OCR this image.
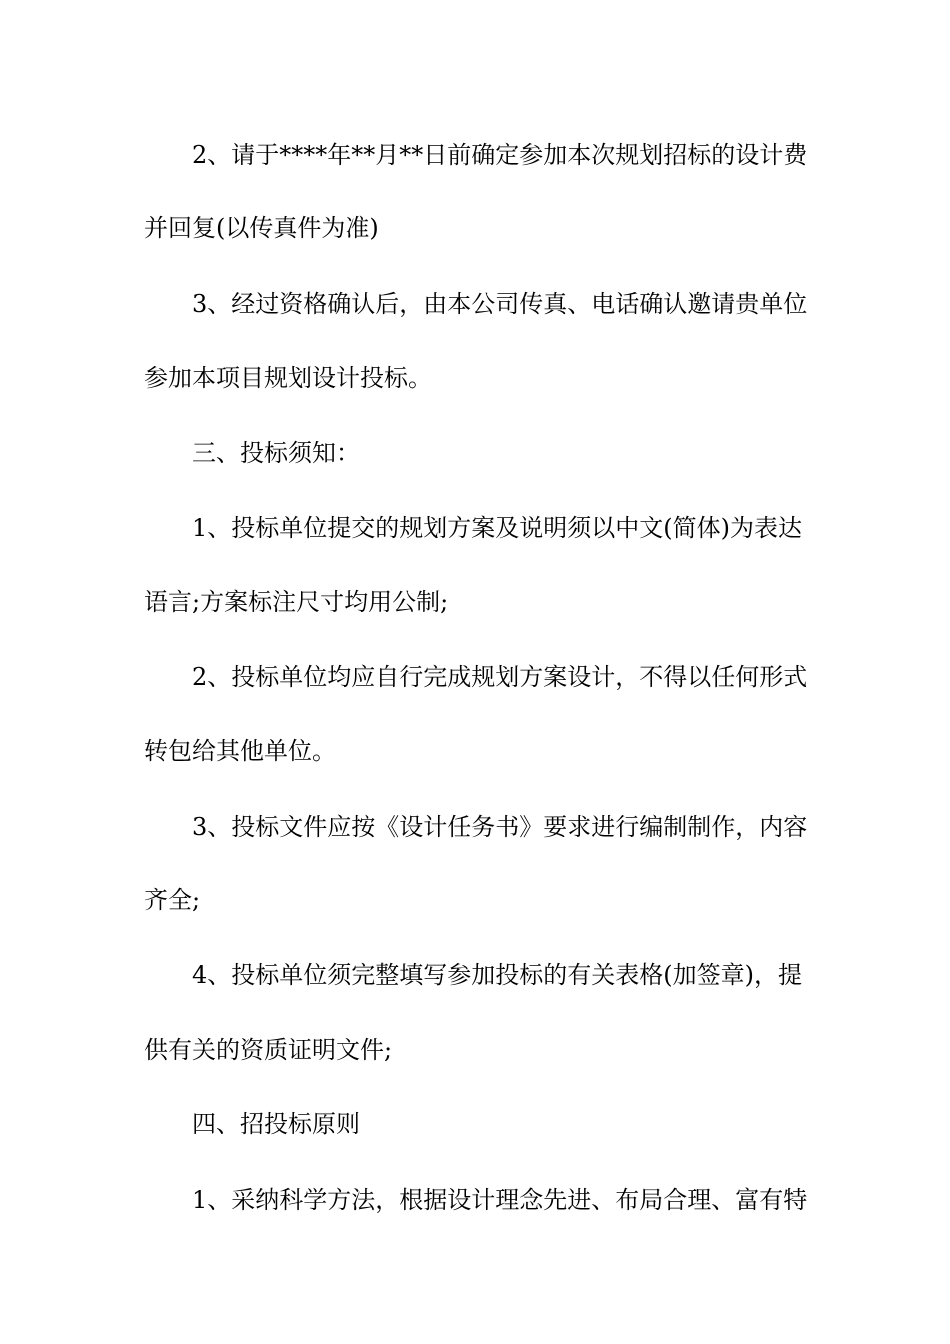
2、请于****年**月**日前确定参加本次规划招标的设计费
并回复(以传真件为准)
3、经过资格确认后，由本公司传真、电话确认邀请贵单位
参加本项目规划设计投标。
三、投标须知：
1、投标单位提交的规划方案及说明须以中文(简体)为表达
语言;方案标注尺寸均用公制;
2、投标单位均应自行完成规划方案设计，不得以任何形式
转包给其他单位。
3、投标文件应按《设计任务书》要求进行编制制作，内容
齐全;
4、投标单位须完整填写参加投标的有关表格(加签章)，提
供有关的资质证明文件;
四、招投标原则
1、采纳科学方法，根据设计理念先进、布局合理、富有特
